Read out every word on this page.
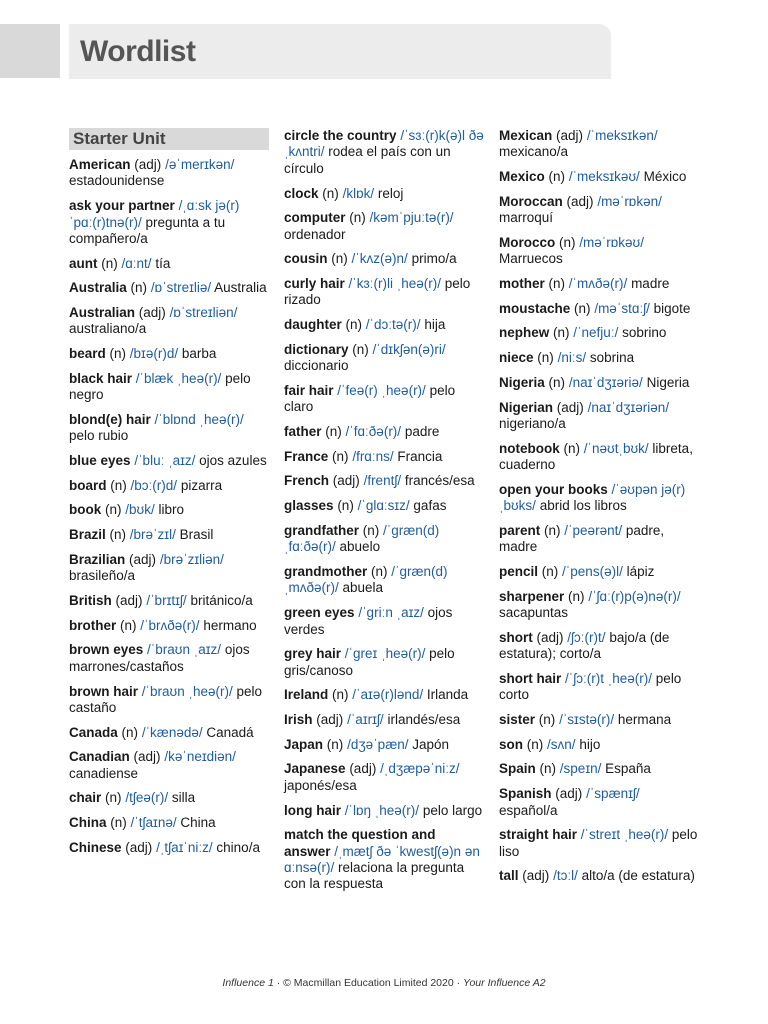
Wordlist
Starter Unit
American (adj) /əˈmerɪkən/ estadounidense
ask your partner /ˌɑːsk jə(r) ˈpɑː(r)tnə(r)/ pregunta a tu compañero/a
aunt (n) /ɑːnt/ tía
Australia (n) /ɒˈstreɪliə/ Australia
Australian (adj) /ɒˈstreɪliən/ australiano/a
beard (n) /bɪə(r)d/ barba
black hair /ˈblæk ˌheə(r)/ pelo negro
blond(e) hair /ˈblɒnd ˌheə(r)/ pelo rubio
blue eyes /ˈbluː ˌaɪz/ ojos azules
board (n) /bɔː(r)d/ pizarra
book (n) /bʊk/ libro
Brazil (n) /brəˈzɪl/ Brasil
Brazilian (adj) /brəˈzɪliən/ brasileño/a
British (adj) /ˈbrɪtɪʃ/ británico/a
brother (n) /ˈbrʌðə(r)/ hermano
brown eyes /ˈbraʊn ˌaɪz/ ojos marrones/castaños
brown hair /ˈbraʊn ˌheə(r)/ pelo castaño
Canada (n) /ˈkænədə/ Canadá
Canadian (adj) /kəˈneɪdiən/ canadiense
chair (n) /tʃeə(r)/ silla
China (n) /ˈtʃaɪnə/ China
Chinese (adj) /ˌtʃaɪˈniːz/ chino/a
circle the country /ˈsɜː(r)k(ə)l ðə ˌkʌntri/ rodea el país con un círculo
clock (n) /klɒk/ reloj
computer (n) /kəmˈpjuːtə(r)/ ordenador
cousin (n) /ˈkʌz(ə)n/ primo/a
curly hair /ˈkɜː(r)li ˌheə(r)/ pelo rizado
daughter (n) /ˈdɔːtə(r)/ hija
dictionary (n) /ˈdɪkʃən(ə)ri/ diccionario
fair hair /ˈfeə(r) ˌheə(r)/ pelo claro
father (n) /ˈfɑːðə(r)/ padre
France (n) /frɑːns/ Francia
French (adj) /frentʃ/ francés/esa
glasses (n) /ˈɡlɑːsɪz/ gafas
grandfather (n) /ˈɡræn(d)ˌfɑːðə(r)/ abuelo
grandmother (n) /ˈɡræn(d)ˌmʌðə(r)/ abuela
green eyes /ˈɡriːn ˌaɪz/ ojos verdes
grey hair /ˈɡreɪ ˌheə(r)/ pelo gris/canoso
Ireland (n) /ˈaɪə(r)lənd/ Irlanda
Irish (adj) /ˈaɪrɪʃ/ irlandés/esa
Japan (n) /dʒəˈpæn/ Japón
Japanese (adj) /ˌdʒæpəˈniːz/ japonés/esa
long hair /ˈlɒŋ ˌheə(r)/ pelo largo
match the question and answer /ˌmætʃ ðə ˈkwestʃ(ə)n ən ɑːnsə(r)/ relaciona la pregunta con la respuesta
Mexican (adj) /ˈmeksɪkən/ mexicano/a
Mexico (n) /ˈmeksɪkəʊ/ México
Moroccan (adj) /məˈrɒkən/ marroquí
Morocco (n) /məˈrɒkəʊ/ Marruecos
mother (n) /ˈmʌðə(r)/ madre
moustache (n) /məˈstɑːʃ/ bigote
nephew (n) /ˈnefjuː/ sobrino
niece (n) /niːs/ sobrina
Nigeria (n) /naɪˈdʒɪəriə/ Nigeria
Nigerian (adj) /naɪˈdʒɪəriən/ nigeriano/a
notebook (n) /ˈnəʊtˌbʊk/ libreta, cuaderno
open your books /ˈəʊpən jə(r) ˌbʊks/ abrid los libros
parent (n) /ˈpeərənt/ padre, madre
pencil (n) /ˈpens(ə)l/ lápiz
sharpener (n) /ˈʃɑː(r)p(ə)nə(r)/ sacapuntas
short (adj) /ʃɔː(r)t/ bajo/a (de estatura); corto/a
short hair /ˈʃɔː(r)t ˌheə(r)/ pelo corto
sister (n) /ˈsɪstə(r)/ hermana
son (n) /sʌn/ hijo
Spain (n) /speɪn/ España
Spanish (adj) /ˈspænɪʃ/ español/a
straight hair /ˈstreɪt ˌheə(r)/ pelo liso
tall (adj) /tɔːl/ alto/a (de estatura)
Influence 1 · © Macmillan Education Limited 2020 · Your Influence A2
